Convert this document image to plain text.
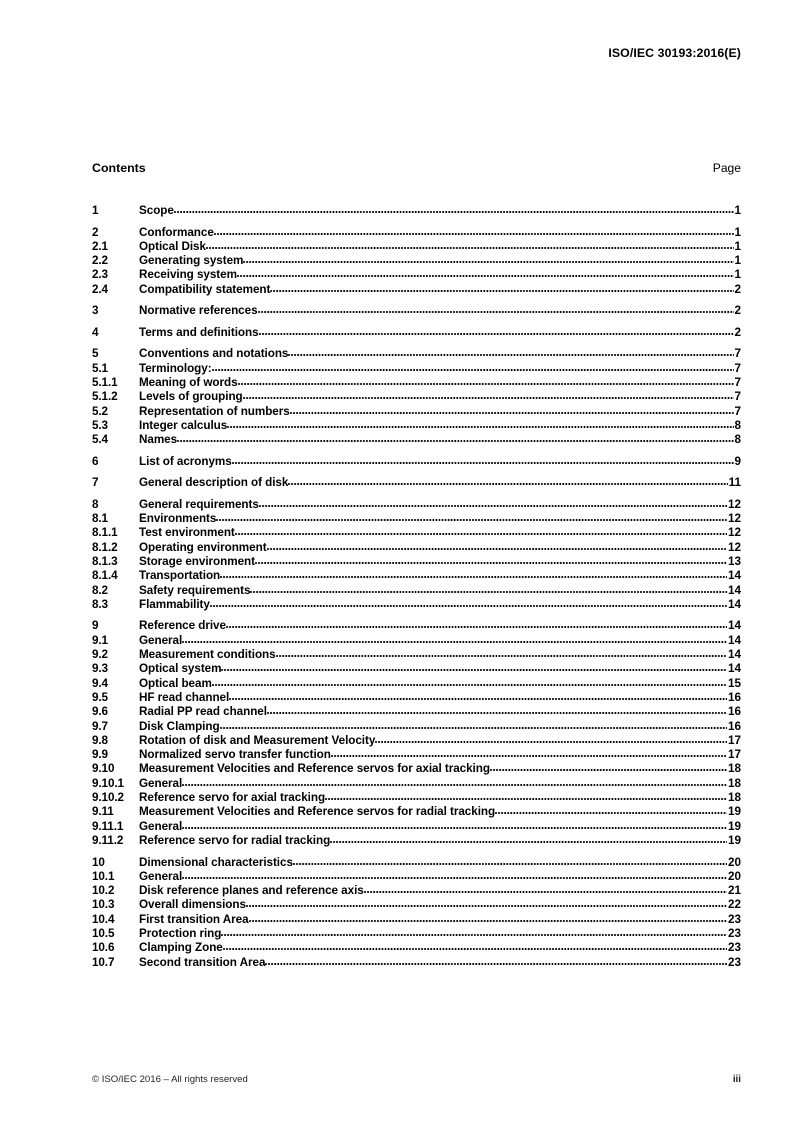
ISO/IEC 30193:2016(E)
Contents	Page
1	Scope	1
2	Conformance	1
2.1	Optical Disk	1
2.2	Generating system	1
2.3	Receiving system	1
2.4	Compatibility statement	2
3	Normative references	2
4	Terms and definitions	2
5	Conventions and notations	7
5.1	Terminology:	7
5.1.1	Meaning of words	7
5.1.2	Levels of grouping	7
5.2	Representation of numbers	7
5.3	Integer calculus	8
5.4	Names	8
6	List of acronyms	9
7	General description of disk	11
8	General requirements	12
8.1	Environments	12
8.1.1	Test environment	12
8.1.2	Operating environment	12
8.1.3	Storage environment	13
8.1.4	Transportation	14
8.2	Safety requirements	14
8.3	Flammability	14
9	Reference drive	14
9.1	General	14
9.2	Measurement conditions	14
9.3	Optical system	14
9.4	Optical beam	15
9.5	HF read channel	16
9.6	Radial PP read channel	16
9.7	Disk Clamping	16
9.8	Rotation of disk and Measurement Velocity	17
9.9	Normalized servo transfer function	17
9.10	Measurement Velocities and Reference servos for axial tracking	18
9.10.1	General	18
9.10.2	Reference servo for axial tracking	18
9.11	Measurement Velocities and Reference servos for radial tracking	19
9.11.1	General	19
9.11.2	Reference servo for radial tracking	19
10	Dimensional characteristics	20
10.1	General	20
10.2	Disk reference planes and reference axis	21
10.3	Overall dimensions	22
10.4	First transition Area	23
10.5	Protection ring	23
10.6	Clamping Zone	23
10.7	Second transition Area	23
© ISO/IEC 2016 – All rights reserved	iii
